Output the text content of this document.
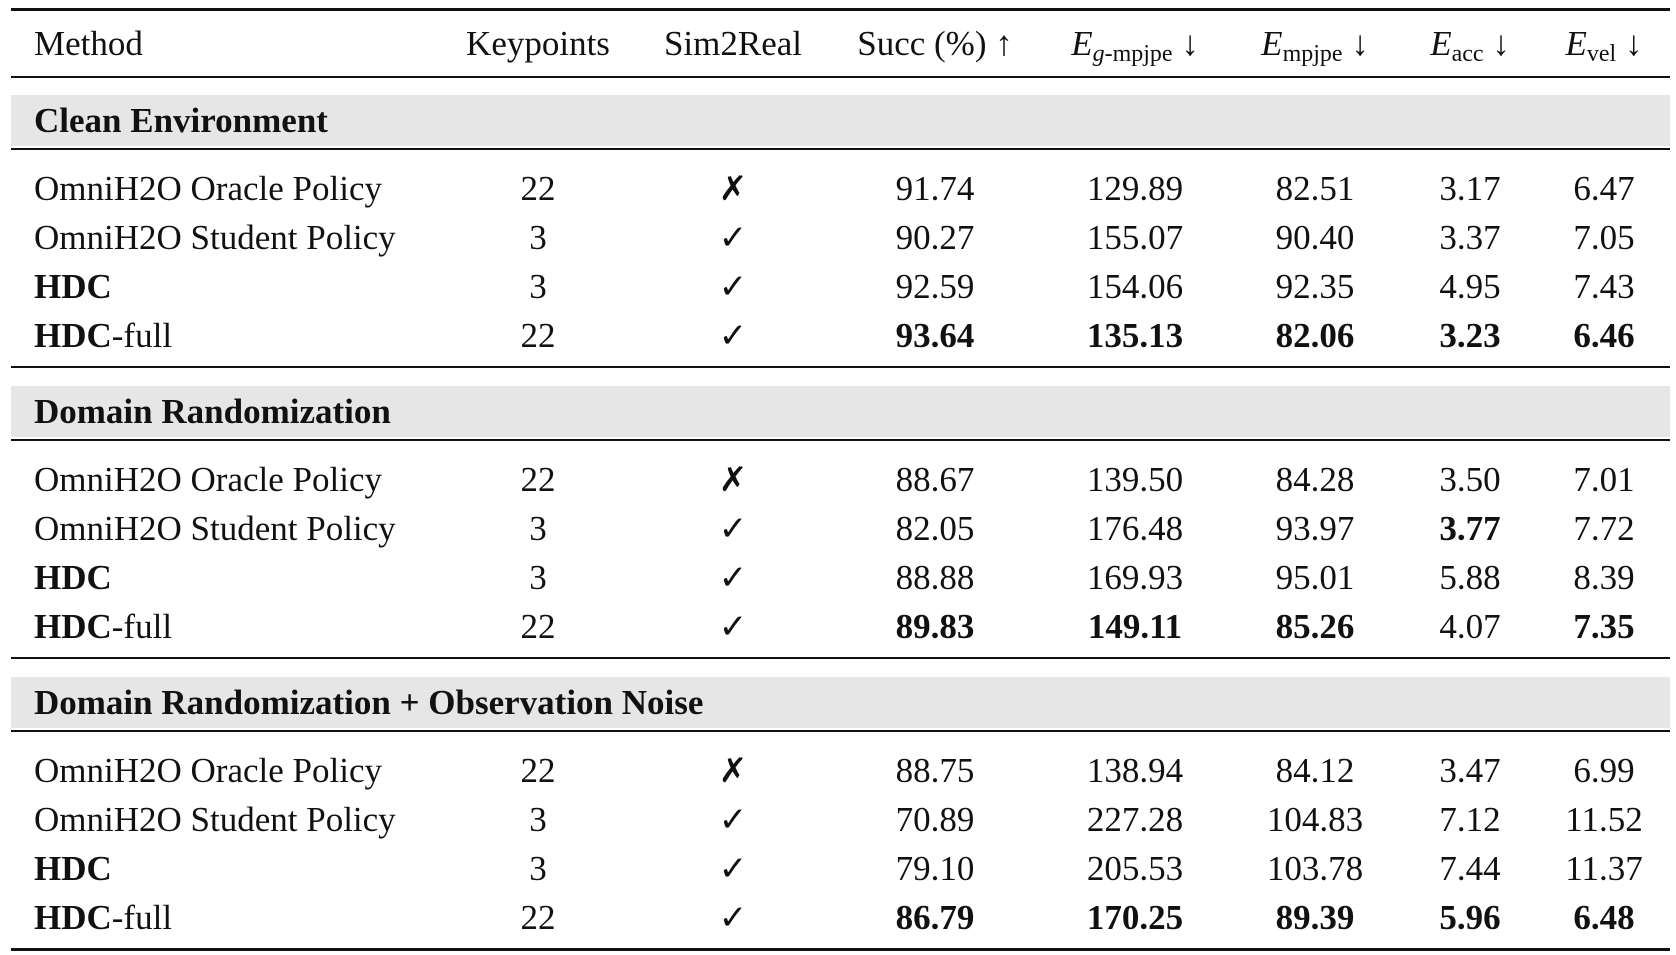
Method	Keypoints	Sim2Real	Succ (%) ↑	$E_{g-mpjpe}$ ↓	$E_{mpjpe}$ ↓	$E_{acc}$ ↓	$E_{vel}$ ↓
Clean Environment
OmniH2O Oracle Policy	22	✗	91.74	129.89	82.51	3.17	6.47
OmniH2O Student Policy	3	✓	90.27	155.07	90.40	3.37	7.05
HDC	3	✓	92.59	154.06	92.35	4.95	7.43
HDC-full	22	✓	93.64	135.13	82.06	3.23	6.46
Domain Randomization
OmniH2O Oracle Policy	22	✗	88.67	139.50	84.28	3.50	7.01
OmniH2O Student Policy	3	✓	82.05	176.48	93.97	3.77	7.72
HDC	3	✓	88.88	169.93	95.01	5.88	8.39
HDC-full	22	✓	89.83	149.11	85.26	4.07	7.35
Domain Randomization + Observation Noise
OmniH2O Oracle Policy	22	✗	88.75	138.94	84.12	3.47	6.99
OmniH2O Student Policy	3	✓	70.89	227.28	104.83	7.12	11.52
HDC	3	✓	79.10	205.53	103.78	7.44	11.37
HDC-full	22	✓	86.79	170.25	89.39	5.96	6.48
